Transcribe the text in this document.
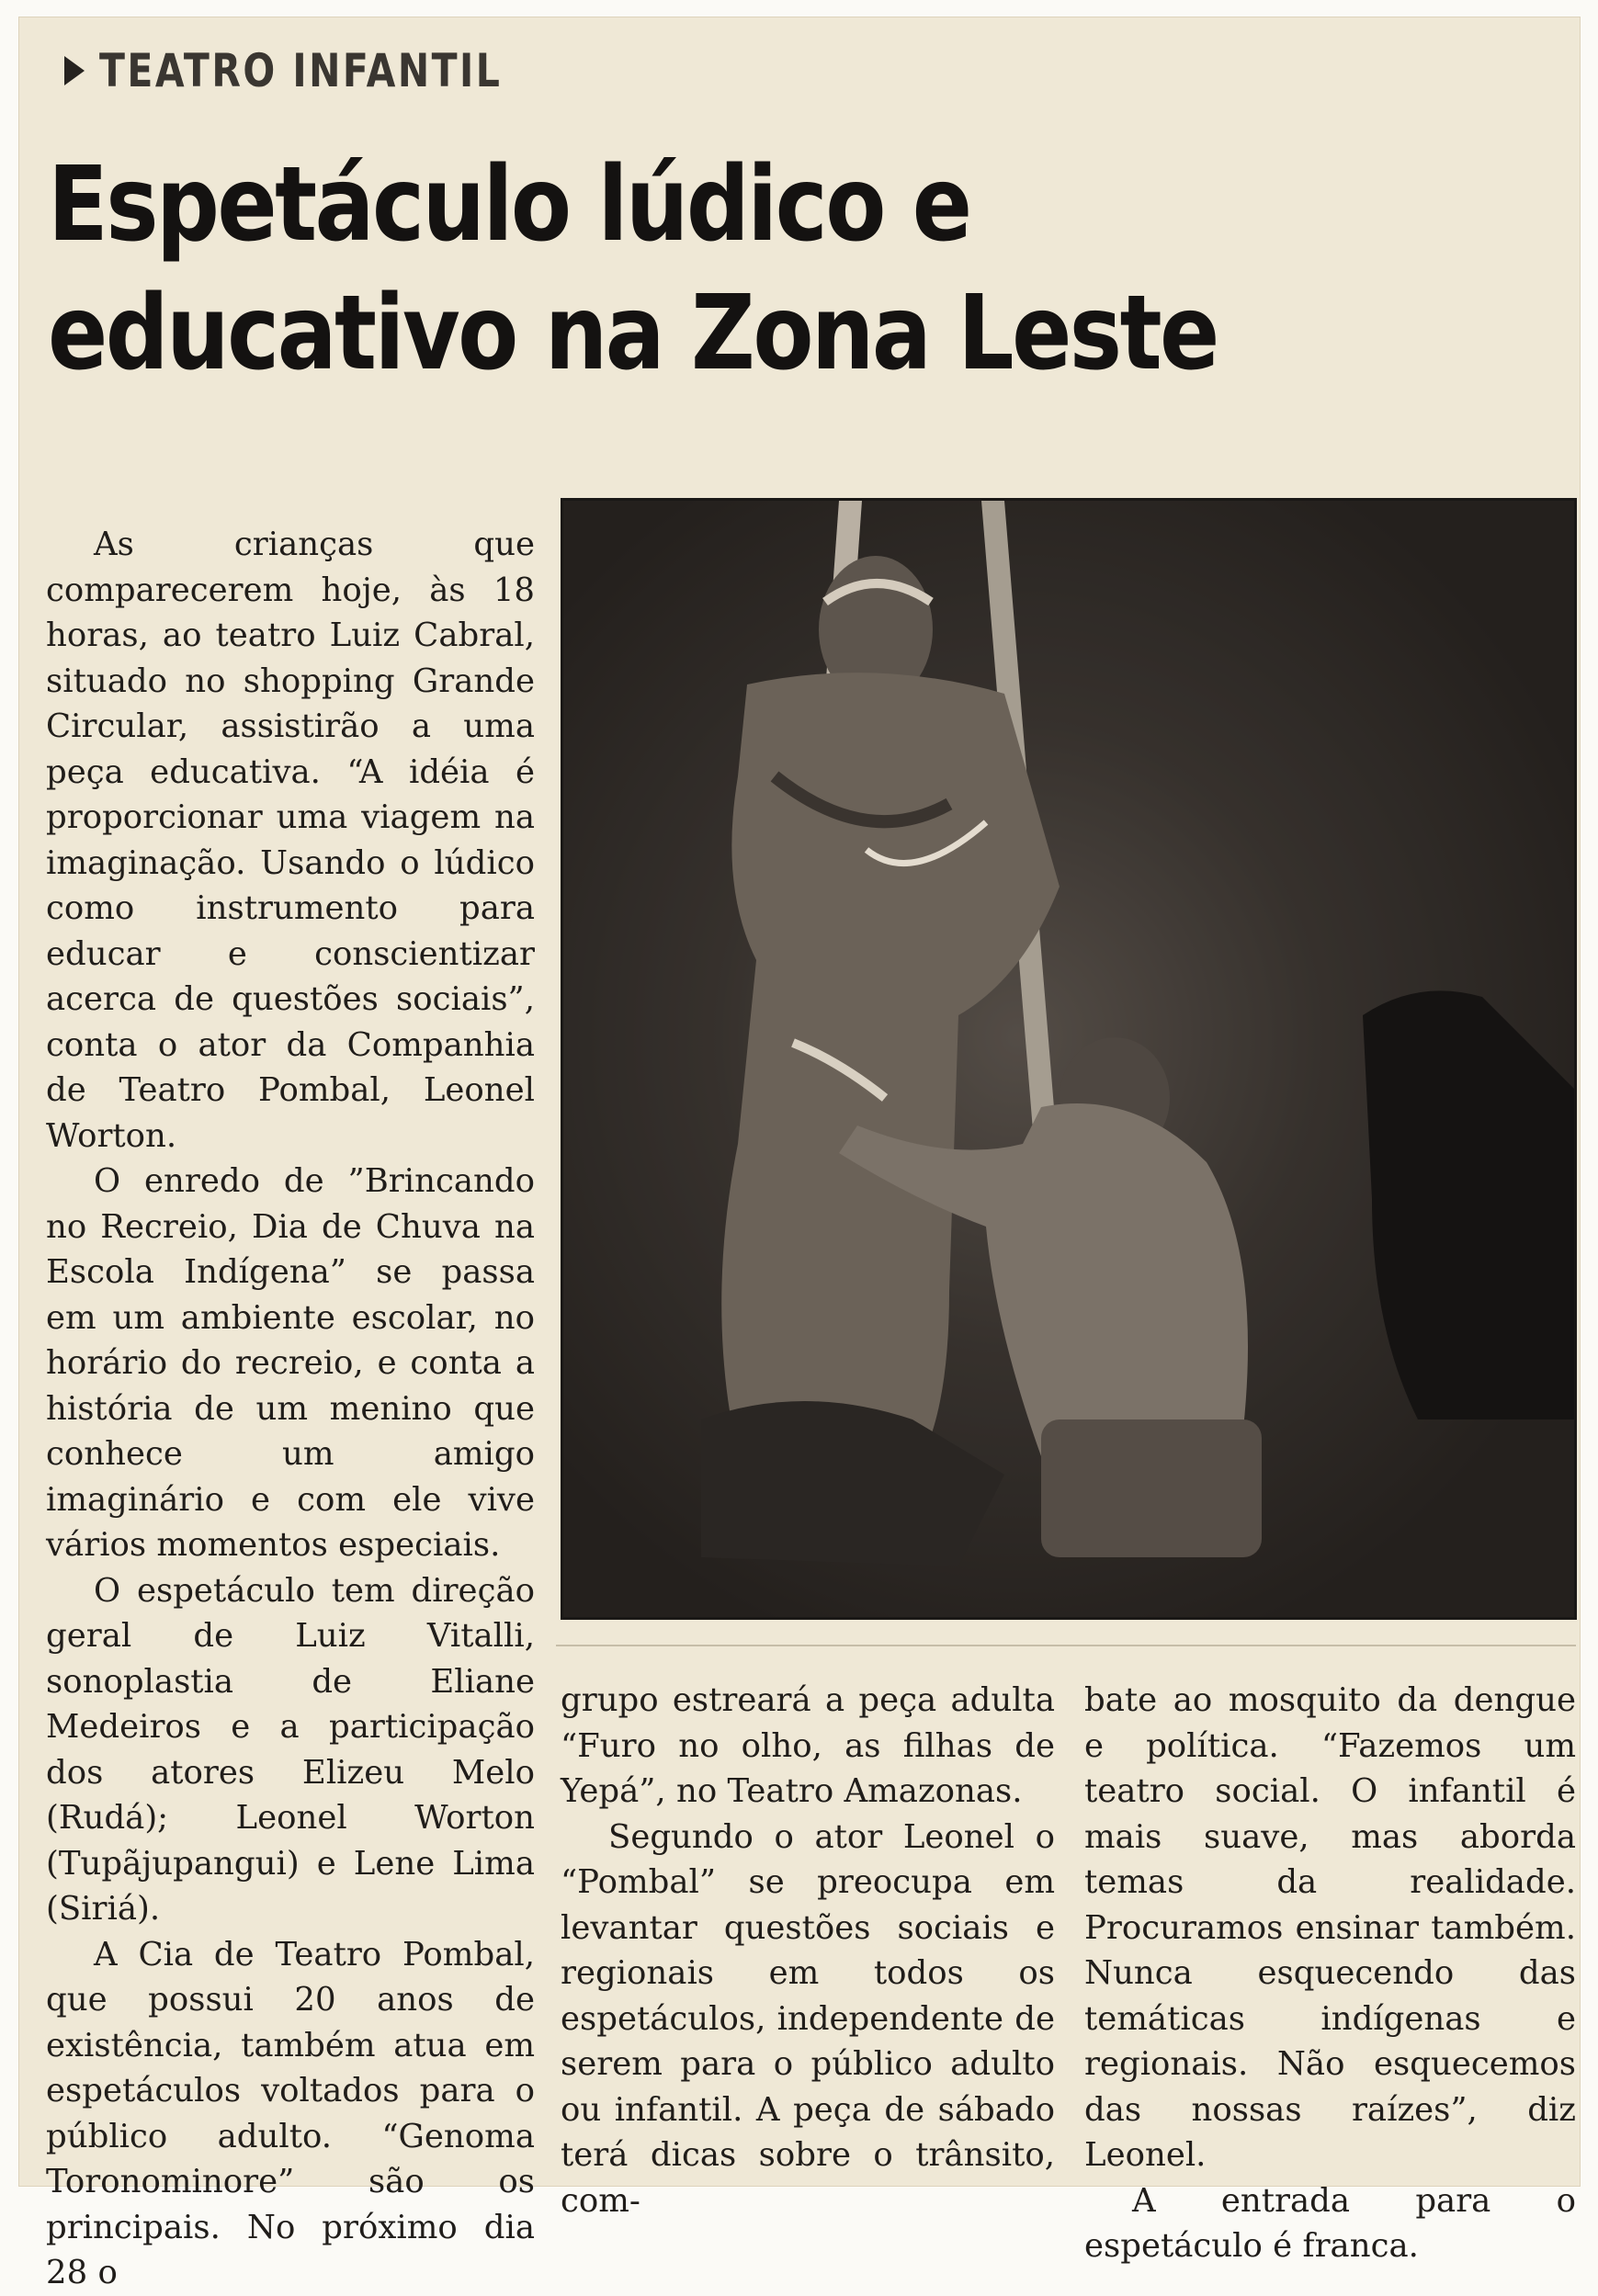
TEATRO INFANTIL
Espetáculo lúdico e
educativo na Zona Leste

As crianças que comparecerem hoje, às 18 horas, ao teatro Luiz Cabral, situado no shopping Grande Circular, assistirão a uma peça educativa. “A idéia é proporcionar uma viagem na imaginação. Usando o lúdico como instrumento para educar e conscientizar acerca de questões sociais”, conta o ator da Companhia de Teatro Pombal, Leonel Worton.

O enredo de ”Brincando no Recreio, Dia de Chuva na Escola Indígena” se passa em um ambiente escolar, no horário do recreio, e conta a história de um menino que conhece um amigo imaginário e com ele vive vários momentos especiais.

O espetáculo tem direção geral de Luiz Vitalli, sonoplastia de Eliane Medeiros e a participação dos atores Elizeu Melo (Rudá); Leonel Worton (Tupãjupangui) e Lene Lima (Siriá).

A Cia de Teatro Pombal, que possui 20 anos de existência, também atua em espetáculos voltados para o público adulto. “Genoma Toronominore” são os principais. No próximo dia 28 o

grupo estreará a peça adulta “Furo no olho, as filhas de Yepá”, no Teatro Amazonas.

Segundo o ator Leonel o “Pombal” se preocupa em levantar questões sociais e regionais em todos os espetáculos, independente de serem para o público adulto ou infantil. A peça de sábado terá dicas sobre o trânsito, com-

bate ao mosquito da dengue e política. “Fazemos um teatro social. O infantil é mais suave, mas aborda temas da realidade. Procuramos ensinar também. Nunca esquecendo das temáticas indígenas e regionais. Não esquecemos das nossas raízes”, diz Leonel.

A entrada para o espetáculo é franca.
